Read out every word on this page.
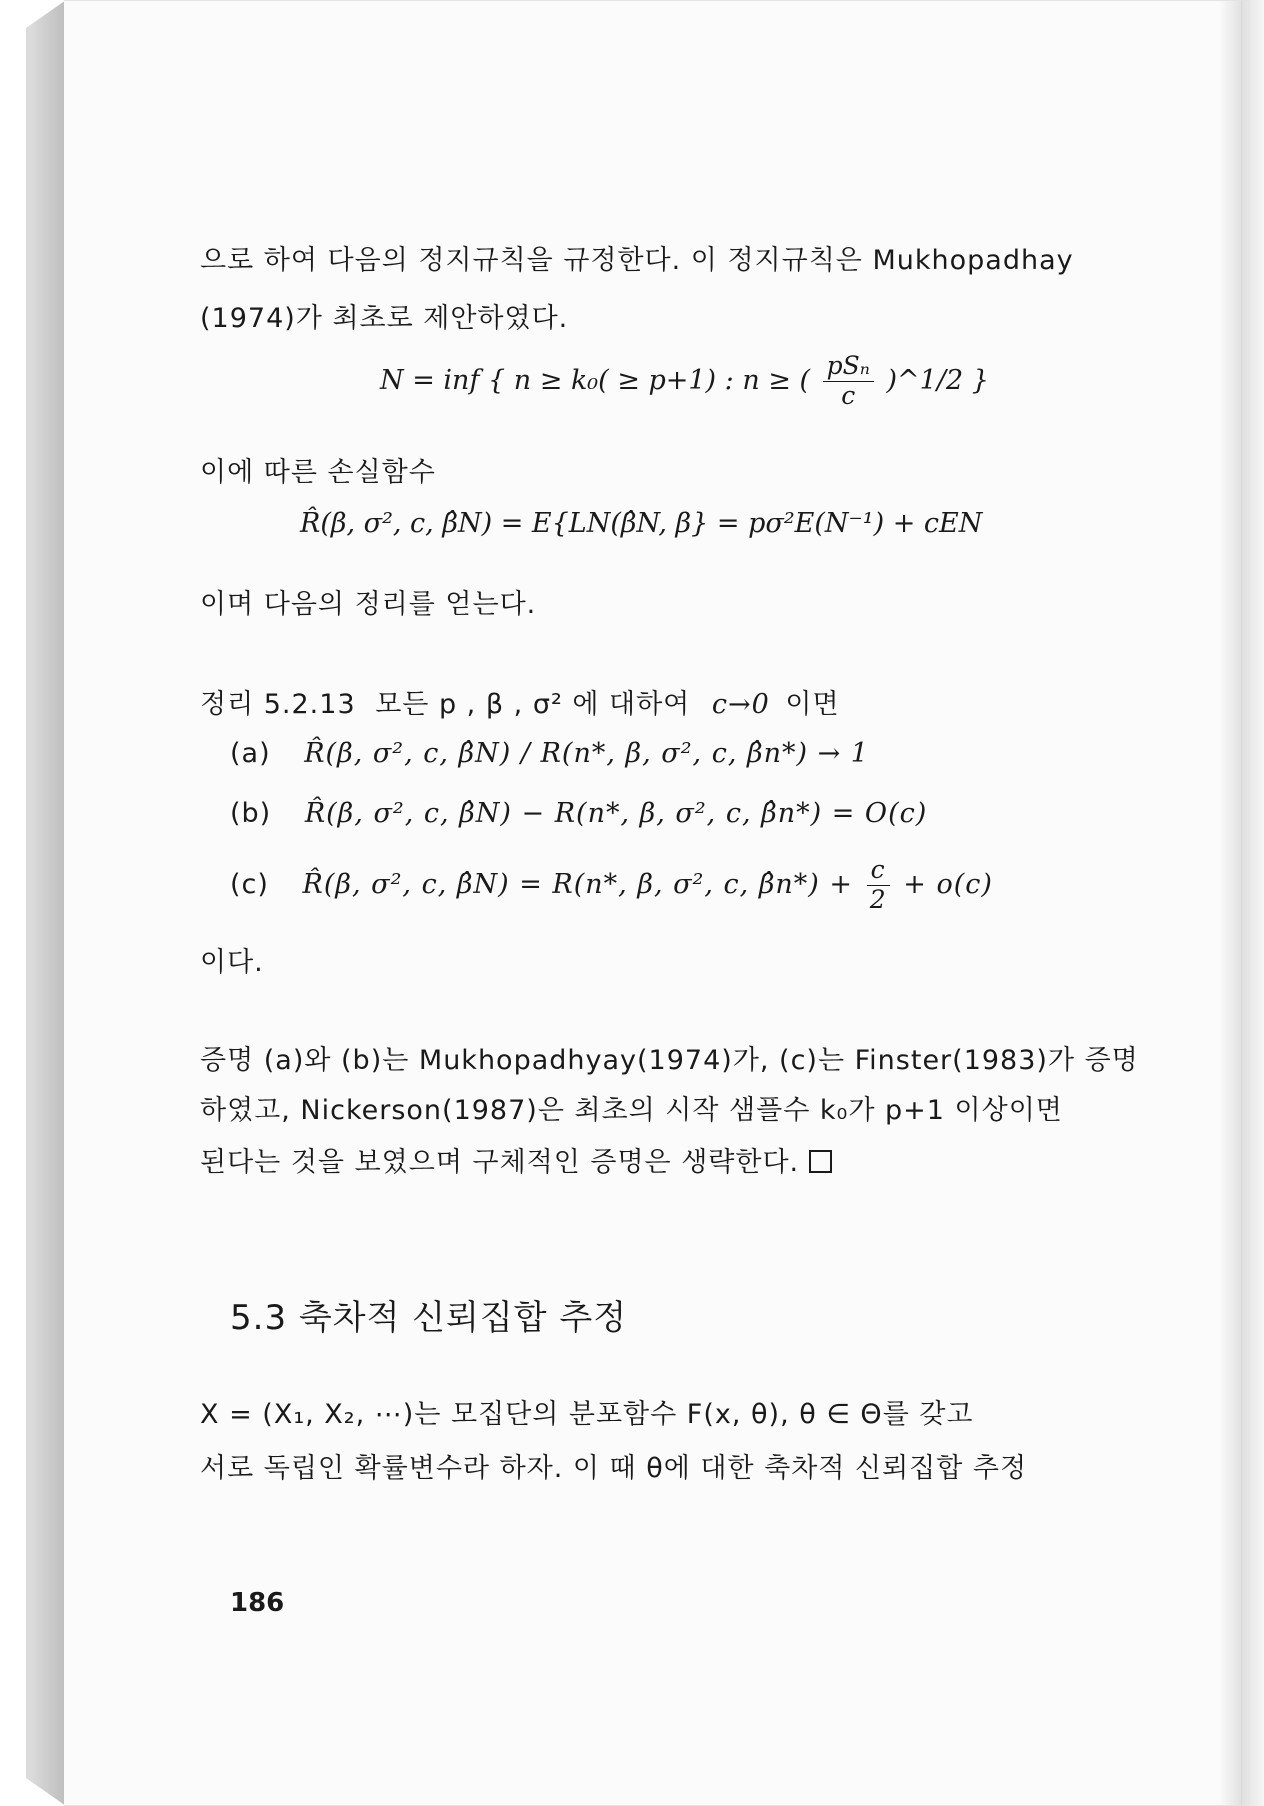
으로 하여 다음의 정지규칙을 규정한다. 이 정지규칙은 Mukhopadhay
(1974)가 최초로 제안하였다.
N = inf { n ≥ k₀( ≥ p+1) : n ≥ ( $\frac{\text{pSₙ}}{c}$ )^1/2 }
이에 따른 손실함수
R̂(β, σ², c, β̂N) = E{LN(β̂N, β} = pσ²E(N⁻¹) + cEN
이며 다음의 정리를 얻는다.
정리 5.2.13 모든 p , β , σ² 에 대하여 c→0 이면
(a) R̂(β, σ², c, β̂N) / R(n*, β, σ², c, β̂n*) → 1
(b) R̂(β, σ², c, β̂N) − R(n*, β, σ², c, β̂n*) = O(c)
(c) R̂(β, σ², c, β̂N) = R(n*, β, σ², c, β̂n*) + $\frac{c}{2} + o(c)$
이다.
증명 (a)와 (b)는 Mukhopadhyay(1974)가, (c)는 Finster(1983)가 증명
하였고, Nickerson(1987)은 최초의 시작 샘플수 k₀가 p+1 이상이면
된다는 것을 보였으며 구체적인 증명은 생략한다.
5.3 축차적 신뢰집합 추정
X = (X₁, X₂, ⋯)는 모집단의 분포함수 F(x, θ), θ ∈ Θ를 갖고
서로 독립인 확률변수라 하자. 이 때 θ에 대한 축차적 신뢰집합 추정
186
